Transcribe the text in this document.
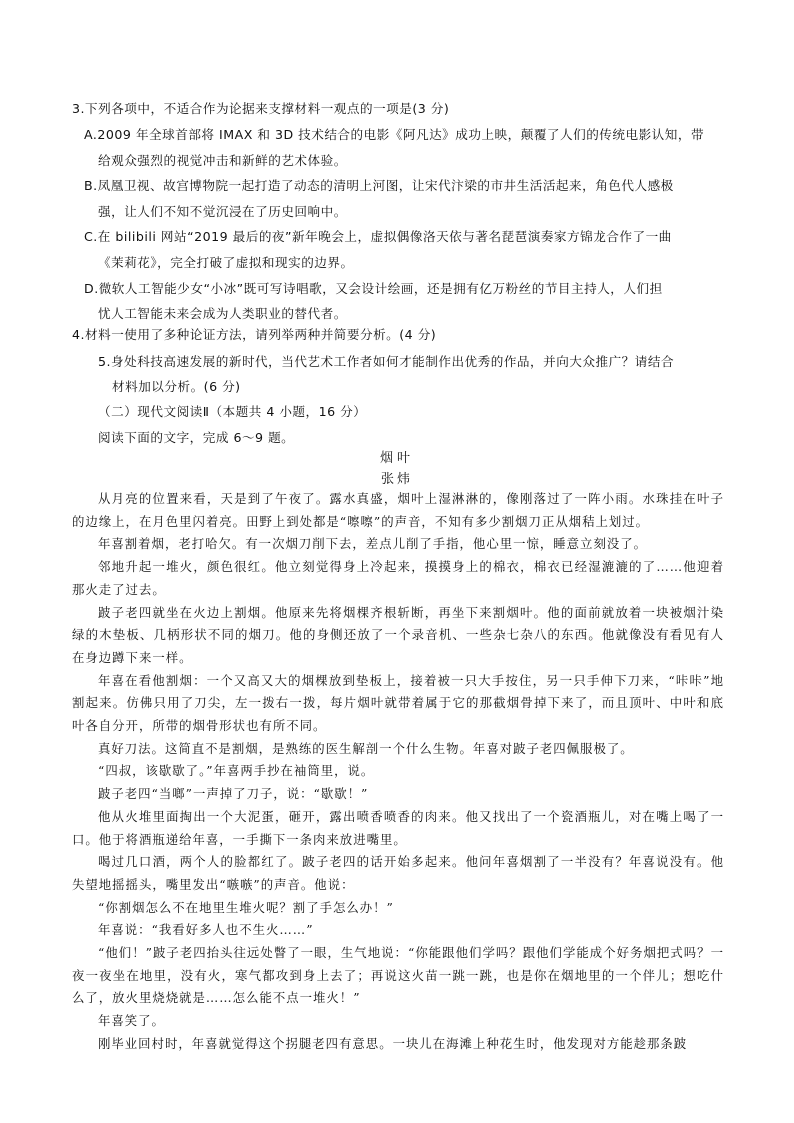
3.下列各项中，不适合作为论据来支撑材料一观点的一项是(3 分)
A.2009 年全球首部将 IMAX 和 3D 技术结合的电影《阿凡达》成功上映，颠覆了人们的传统电影认知，带
给观众强烈的视觉冲击和新鲜的艺术体验。
B.凤凰卫视、故宫博物院一起打造了动态的清明上河图，让宋代汴梁的市井生活活起来，角色代人感极
强，让人们不知不觉沉浸在了历史回响中。
C.在 bilibili 网站“2019 最后的夜”新年晚会上，虚拟偶像洛天依与著名琵琶演奏家方锦龙合作了一曲
《茉莉花》，完全打破了虚拟和现实的边界。
D.微软人工智能少女“小冰”既可写诗唱歌，又会设计绘画，还是拥有亿万粉丝的节目主持人，人们担
忧人工智能未来会成为人类职业的替代者。
4.材料一使用了多种论证方法，请列举两种并简要分析。(4 分)
5.身处科技高速发展的新时代，当代艺术工作者如何才能制作出优秀的作品，并向大众推广？请结合
材料加以分析。(6 分)
（二）现代文阅读Ⅱ（本题共 4 小题，16 分）
阅读下面的文字，完成 6～9 题。
烟叶
张炜

从月亮的位置来看，天是到了午夜了。露水真盛，烟叶上湿淋淋的，像刚落过了一阵小雨。水珠挂在叶子的边缘上，在月色里闪着亮。田野上到处都是“嚓嚓”的声音，不知有多少割烟刀正从烟秸上划过。

年喜割着烟，老打哈欠。有一次烟刀削下去，差点儿削了手指，他心里一惊，睡意立刻没了。

邻地升起一堆火，颜色很红。他立刻觉得身上冷起来，摸摸身上的棉衣，棉衣已经湿漉漉的了……他迎着那火走了过去。

跛子老四就坐在火边上割烟。他原来先将烟棵齐根斩断，再坐下来割烟叶。他的面前就放着一块被烟汁染绿的木垫板、几柄形状不同的烟刀。他的身侧还放了一个录音机、一些杂七杂八的东西。他就像没有看见有人在身边蹲下来一样。

年喜在看他割烟：一个又高又大的烟棵放到垫板上，接着被一只大手按住，另一只手伸下刀来，“咔咔”地割起来。仿佛只用了刀尖，左一拨右一拨，每片烟叶就带着属于它的那截烟骨掉下来了，而且顶叶、中叶和底叶各自分开，所带的烟骨形状也有所不同。

真好刀法。这简直不是割烟，是熟练的医生解剖一个什么生物。年喜对跛子老四佩服极了。

“四叔，该歇歇了。”年喜两手抄在袖筒里，说。

跛子老四“当啷”一声掉了刀子，说：“歇歇！”

他从火堆里面掏出一个大泥蛋，砸开，露出喷香喷香的肉来。他又找出了一个瓷酒瓶儿，对在嘴上喝了一口。他于将酒瓶递给年喜，一手撕下一条肉来放进嘴里。

喝过几口酒，两个人的脸都红了。跛子老四的话开始多起来。他问年喜烟割了一半没有？年喜说没有。他失望地摇摇头，嘴里发出“嗾嗾”的声音。他说：

“你割烟怎么不在地里生堆火呢？割了手怎么办！”

年喜说：“我看好多人也不生火……”

“他们！”跛子老四抬头往远处瞥了一眼，生气地说：“你能跟他们学吗？跟他们学能成个好务烟把式吗？一夜一夜坐在地里，没有火，寒气都攻到身上去了；再说这火苗一跳一跳，也是你在烟地里的一个伴儿；想吃什么了，放火里烧烧就是……怎么能不点一堆火！”

年喜笑了。

刚毕业回村时，年喜就觉得这个拐腿老四有意思。一块儿在海滩上种花生时，他发现对方能趁那条跛
